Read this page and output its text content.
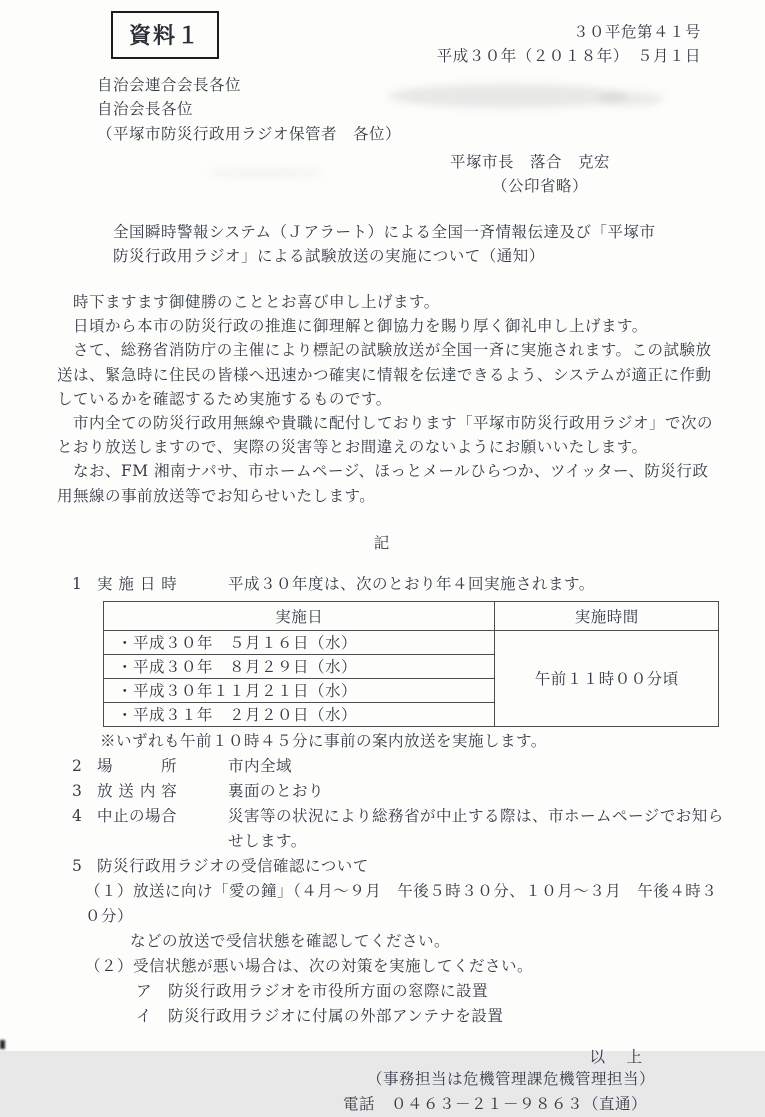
資料１	３０平危第４１号
平成３０年（２０１８年）　５月１日
自治会連合会長各位
自治会長各位
（平塚市防災行政用ラジオ保管者　各位）
平塚市長　落合　克宏
（公印省略）
全国瞬時警報システム（Ｊアラート）による全国一斉情報伝達及び「平塚市
防災行政用ラジオ」による試験放送の実施について（通知）
　時下ますます御健勝のこととお喜び申し上げます。
　日頃から本市の防災行政の推進に御理解と御協力を賜り厚く御礼申し上げます。
　さて、総務省消防庁の主催により標記の試験放送が全国一斉に実施されます。この試験放送は、緊急時に住民の皆様へ迅速かつ確実に情報を伝達できるよう、システムが適正に作動しているかを確認するため実施するものです。
　市内全ての防災行政用無線や貴職に配付しております「平塚市防災行政用ラジオ」で次のとおり放送しますので、実際の災害等とお間違えのないようにお願いいたします。
　なお、FM 湘南ナパサ、市ホームページ、ほっとメールひらつか、ツイッター、防災行政用無線の事前放送等でお知らせいたします。
記
1 実 施 日 時	平成３０年度は、次のとおり年４回実施されます。
実施日	実施時間
・平成３０年　５月１６日（水）	午前１１時００分頃
・平成３０年　８月２９日（水）	
・平成３０年１１月２１日（水）	
・平成３１年　２月２０日（水）	
※いずれも午前１０時４５分に事前の案内放送を実施します。
2 場　　　所	市内全域
3 放 送 内 容	裏面のとおり
4 中止の場合	災害等の状況により総務省が中止する際は、市ホームページでお知ら
せします。
5 防災行政用ラジオの受信確認について
（１）放送に向け「愛の鐘」（４月～９月　午後５時３０分、１０月～３月　午後４時３０分）
などの放送で受信状態を確認してください。
（２）受信状態が悪い場合は、次の対策を実施してください。
ア　防災行政用ラジオを市役所方面の窓際に設置
イ　防災行政用ラジオに付属の外部アンテナを設置
以　上
（事務担当は危機管理課危機管理担当）
電話　０４６３－２１－９８６３（直通）
